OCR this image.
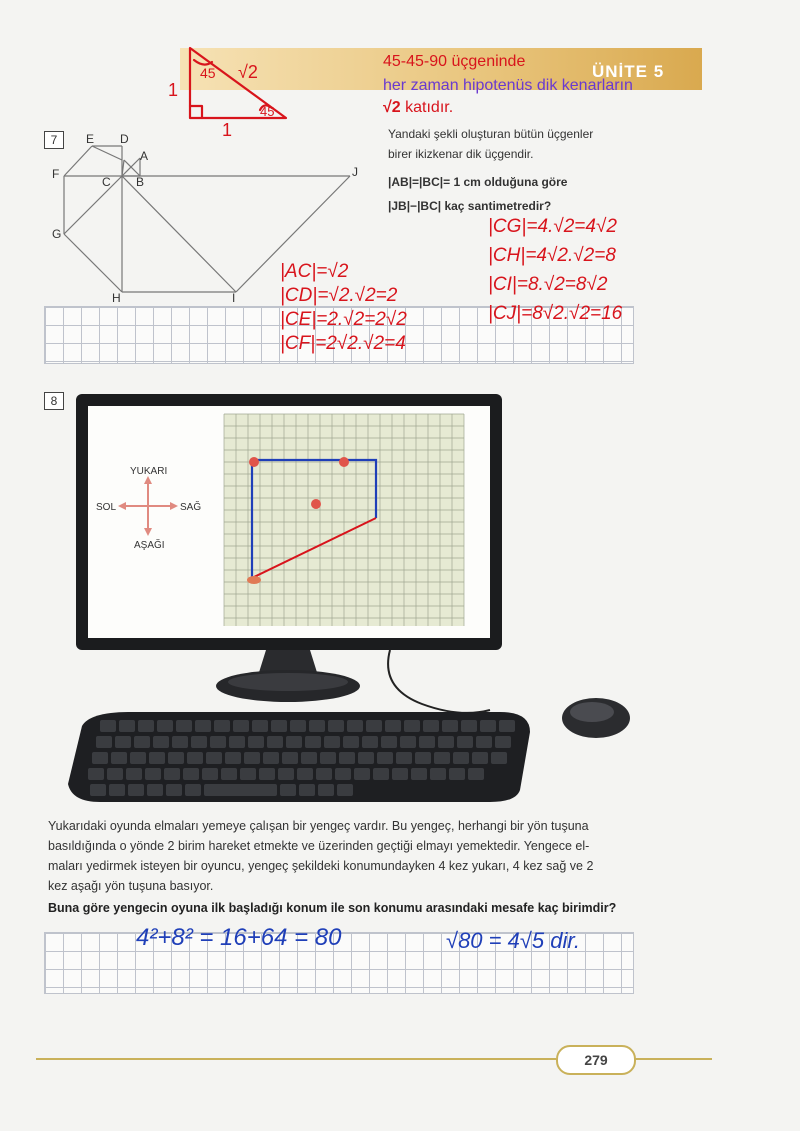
ÜNİTE 5
45
45
1
1
√2
45-45-90 üçgeninde
her zaman hipotenüs dik kenarların
√2 katıdır.
7	E D
A
F
C B
J
G
H	I
Yandaki şekli oluşturan bütün üçgenler
birer ikizkenar dik üçgendir.
|AB|=|BC|= 1 cm olduğuna göre
|JB|−|BC| kaç santimetredir?
|AC|=√2
|CD|=√2.√2=2
|CE|=2.√2=2√2
|CF|=2√2.√2=4
|CG|=4.√2=4√2
|CH|=4√2.√2=8
|CI|=8.√2=8√2
|CJ|=8√2.√2=16
8
YUKARI
AŞAĞI
SOL	SAĞ
Yukarıdaki oyunda elmaları yemeye çalışan bir yengeç vardır. Bu yengeç, herhangi bir yön tuşuna
basıldığında o yönde 2 birim hareket etmekte ve üzerinden geçtiği elmayı yemektedir. Yengece el-
maları yedirmek isteyen bir oyuncu, yengeç şekildeki konumundayken 4 kez yukarı, 4 kez sağ ve 2
kez aşağı yön tuşuna basıyor.
Buna göre yengecin oyuna ilk başladığı konum ile son konumu arasındaki mesafe kaç birimdir?
4²+8² = 16+64 = 80	√80 = 4√5 dir.
279
